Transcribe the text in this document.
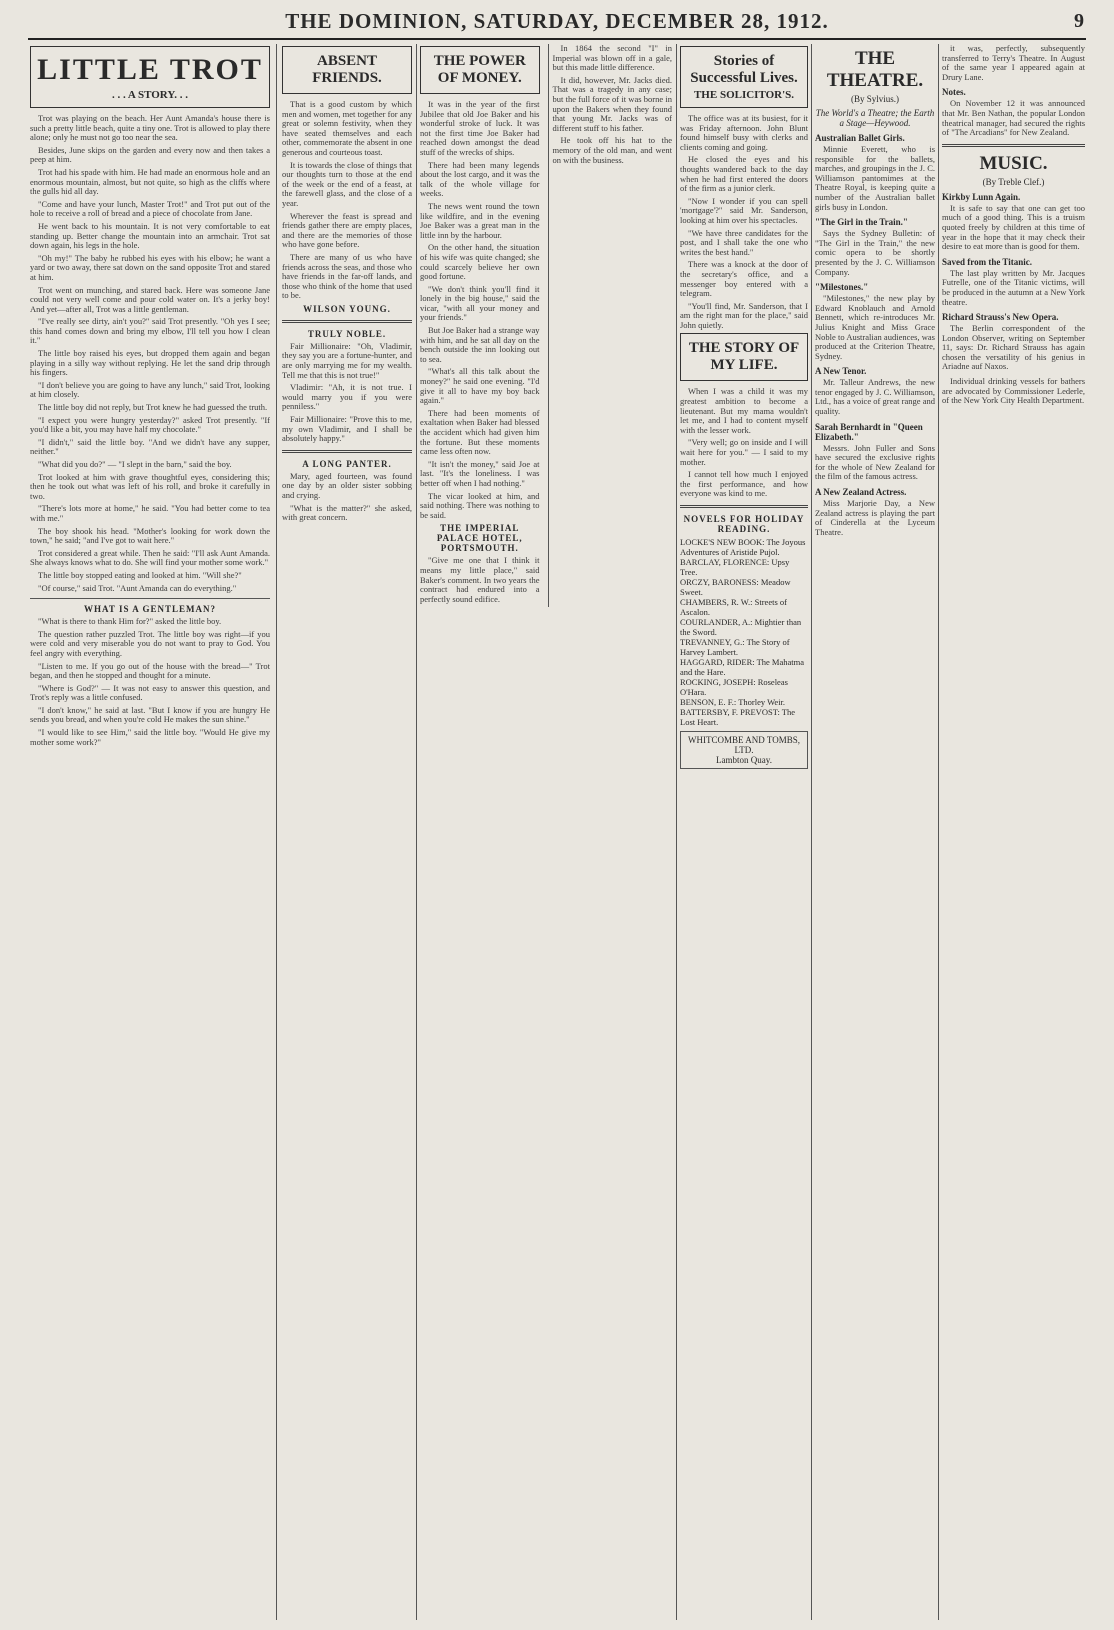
THE DOMINION, SATURDAY, DECEMBER 28, 1912.	9
LITTLE TROT
. . . A STORY. . .

Trot was playing on the beach. Her Aunt Amanda's house there is such a pretty little beach, quite a tiny one. Trot is allowed to play there alone; only he must not go too near the sea.

Besides, June skips on the garden and every now and then takes a peep at him.

Trot had his spade with him. He had made an enormous hole and an enormous mountain, almost, but not quite, so high as the cliffs where the gulls hid all day.

"Come and have your lunch, Master Trot!" and Trot put out of the hole to receive a roll of bread and a piece of chocolate from Jane.

He went back to his mountain. It is not very comfortable to eat standing up. Better change the mountain into an armchair. Trot sat down again, his legs in the hole.

"Oh my!" The baby he rubbed his eyes with his elbow; he want a yard or two away, there sat down on the sand opposite Trot and stared at him.

Trot went on munching, and stared back. Here was someone Jane could not very well come and pour cold water on. It's a jerky boy! And yet—after all, Trot was a little gentleman.

"I've really see dirty, ain't you?" said Trot presently. "Oh yes I see; this hand comes down and bring my elbow, I'll tell you how I clean it."

The little boy raised his eyes, but dropped them again and began playing in a silly way without replying. He let the sand drip through his fingers.

"I don't believe you are going to have any lunch," said Trot, looking at him closely.

The little boy did not reply, but Trot knew he had guessed the truth.

"I expect you were hungry yesterday?" asked Trot presently. "If you'd like a bit, you may have half my chocolate."

"I didn't," said the little boy. "And we didn't have any supper, neither."

"What did you do?" — "I slept in the barn," said the boy.

Trot looked at him with grave thoughtful eyes, considering this; then he took out what was left of his roll, and broke it carefully in two.

"There's lots more at home," he said. "You had better come to tea with me."

The boy shook his head. "Mother's looking for work down the town," he said; "and I've got to wait here."

Trot considered a great while. Then he said: "I'll ask Aunt Amanda. She always knows what to do. She will find your mother some work."

The little boy stopped eating and looked at him. "Will she?"

"Of course," said Trot. "Aunt Amanda can do everything."

WHAT IS A GENTLEMAN?

"What is there to thank Him for?" asked the little boy.

The question rather puzzled Trot. The little boy was right—if you were cold and very miserable you do not want to pray to God. You feel angry with everything.

"Listen to me. If you go out of the house with the bread—" Trot began, and then he stopped and thought for a minute.

"Where is God?" — It was not easy to answer this question, and Trot's reply was a little confused.

"I don't know," he said at last. "But I know if you are hungry He sends you bread, and when you're cold He makes the sun shine."

"I would like to see Him," said the little boy. "Would He give my mother some work?"

ABSENT FRIENDS.

That is a good custom by which men and women, met together for any great or solemn festivity, when they have seated themselves and each other, commemorate the absent in one generous and courteous toast.

It is towards the close of things that our thoughts turn to those at the end of the week or the end of a feast, at the farewell glass, and the close of a year.

Wherever the feast is spread and friends gather there are empty places, and there are the memories of those who have gone before.

There are many of us who have friends across the seas, and those who have friends in the far-off lands, and those who think of the home that used to be.

WILSON YOUNG.
TRULY NOBLE.

Fair Millionaire: "Oh, Vladimir, they say you are a fortune-hunter, and are only marrying me for my wealth. Tell me that this is not true!"

Vladimir: "Ah, it is not true. I would marry you if you were penniless."

Fair Millionaire: "Prove this to me, my own Vladimir, and I shall be absolutely happy."

A LONG PANTER.

Mary, aged fourteen, was found one day by an older sister sobbing and crying.

"What is the matter?" she asked, with great concern.

THE POWER OF MONEY.

It was in the year of the first Jubilee that old Joe Baker and his wonderful stroke of luck. It was not the first time Joe Baker had reached down amongst the dead stuff of the wrecks of ships.

There had been many legends about the lost cargo, and it was the talk of the whole village for weeks.

The news went round the town like wildfire, and in the evening Joe Baker was a great man in the little inn by the harbour.

On the other hand, the situation of his wife was quite changed; she could scarcely believe her own good fortune.

"We don't think you'll find it lonely in the big house," said the vicar, "with all your money and your friends."

But Joe Baker had a strange way with him, and he sat all day on the bench outside the inn looking out to sea.

"What's all this talk about the money?" he said one evening. "I'd give it all to have my boy back again."

There had been moments of exaltation when Baker had blessed the accident which had given him the fortune. But these moments came less often now.

"It isn't the money," said Joe at last. "It's the loneliness. I was better off when I had nothing."

The vicar looked at him, and said nothing. There was nothing to be said.

THE IMPERIAL PALACE HOTEL, PORTSMOUTH.

"Give me one that I think it means my little place," said Baker's comment. In two years the contract had endured into a perfectly sound edifice.

In 1864 the second "I" in Imperial was blown off in a gale, but this made little difference.

It did, however, Mr. Jacks died. That was a tragedy in any case; but the full force of it was borne in upon the Bakers when they found that young Mr. Jacks was of different stuff to his father.

He took off his hat to the memory of the old man, and went on with the business.

Stories of Successful Lives.
THE SOLICITOR'S.

The office was at its busiest, for it was Friday afternoon. John Blunt found himself busy with clerks and clients coming and going.

He closed the eyes and his thoughts wandered back to the day when he had first entered the doors of the firm as a junior clerk.

"Now I wonder if you can spell 'mortgage'?" said Mr. Sanderson, looking at him over his spectacles.

"We have three candidates for the post, and I shall take the one who writes the best hand."

There was a knock at the door of the secretary's office, and a messenger boy entered with a telegram.

"You'll find, Mr. Sanderson, that I am the right man for the place," said John quietly.

THE STORY OF MY LIFE.

When I was a child it was my greatest ambition to become a lieutenant. But my mama wouldn't let me, and I had to content myself with the lesser work.

"Very well; go on inside and I will wait here for you." — I said to my mother.

I cannot tell how much I enjoyed the first performance, and how everyone was kind to me.

NOVELS FOR HOLIDAY READING.
LOCKE'S NEW BOOK: The Joyous Adventures of Aristide Pujol.
BARCLAY, FLORENCE: Upsy Tree.
ORCZY, BARONESS: Meadow Sweet.
CHAMBERS, R. W.: Streets of Ascalon.
COURLANDER, A.: Mightier than the Sword.
TREVANNEY, G.: The Story of Harvey Lambert.
HAGGARD, RIDER: The Mahatma and the Hare.
ROCKING, JOSEPH: Roseleas O'Hara.
BENSON, E. F.: Thorley Weir.
BATTERSBY, F. PREVOST: The Lost Heart.
WHITCOMBE AND TOMBS, LTD.
Lambton Quay.
THE THEATRE.
(By Sylvius.)
The World's a Theatre; the Earth a Stage—Heywood.
Australian Ballet Girls.

Minnie Everett, who is responsible for the ballets, marches, and groupings in the J. C. Williamson pantomimes at the Theatre Royal, is keeping quite a number of the Australian ballet girls busy in London.

"The Girl in the Train."

Says the Sydney Bulletin: of "The Girl in the Train," the new comic opera to be shortly presented by the J. C. Williamson Company.

"Milestones."

"Milestones," the new play by Edward Knoblauch and Arnold Bennett, which re-introduces Mr. Julius Knight and Miss Grace Noble to Australian audiences, was produced at the Criterion Theatre, Sydney.

A New Tenor.

Mr. Talleur Andrews, the new tenor engaged by J. C. Williamson, Ltd., has a voice of great range and quality.

Sarah Bernhardt in "Queen Elizabeth."

Messrs. John Fuller and Sons have secured the exclusive rights for the whole of New Zealand for the film of the famous actress.

A New Zealand Actress.

Miss Marjorie Day, a New Zealand actress is playing the part of Cinderella at the Lyceum Theatre.

it was, perfectly, subsequently transferred to Terry's Theatre. In August of the same year I appeared again at Drury Lane.

Notes.

On November 12 it was announced that Mr. Ben Nathan, the popular London theatrical manager, had secured the rights of "The Arcadians" for New Zealand.

MUSIC.
(By Treble Clef.)
Kirkby Lunn Again.

It is safe to say that one can get too much of a good thing. This is a truism quoted freely by children at this time of year in the hope that it may check their desire to eat more than is good for them.

Saved from the Titanic.

The last play written by Mr. Jacques Futrelle, one of the Titanic victims, will be produced in the autumn at a New York theatre.

Richard Strauss's New Opera.

The Berlin correspondent of the London Observer, writing on September 11, says: Dr. Richard Strauss has again chosen the versatility of his genius in Ariadne auf Naxos.

Individual drinking vessels for bathers are advocated by Commissioner Lederle, of the New York City Health Department.
